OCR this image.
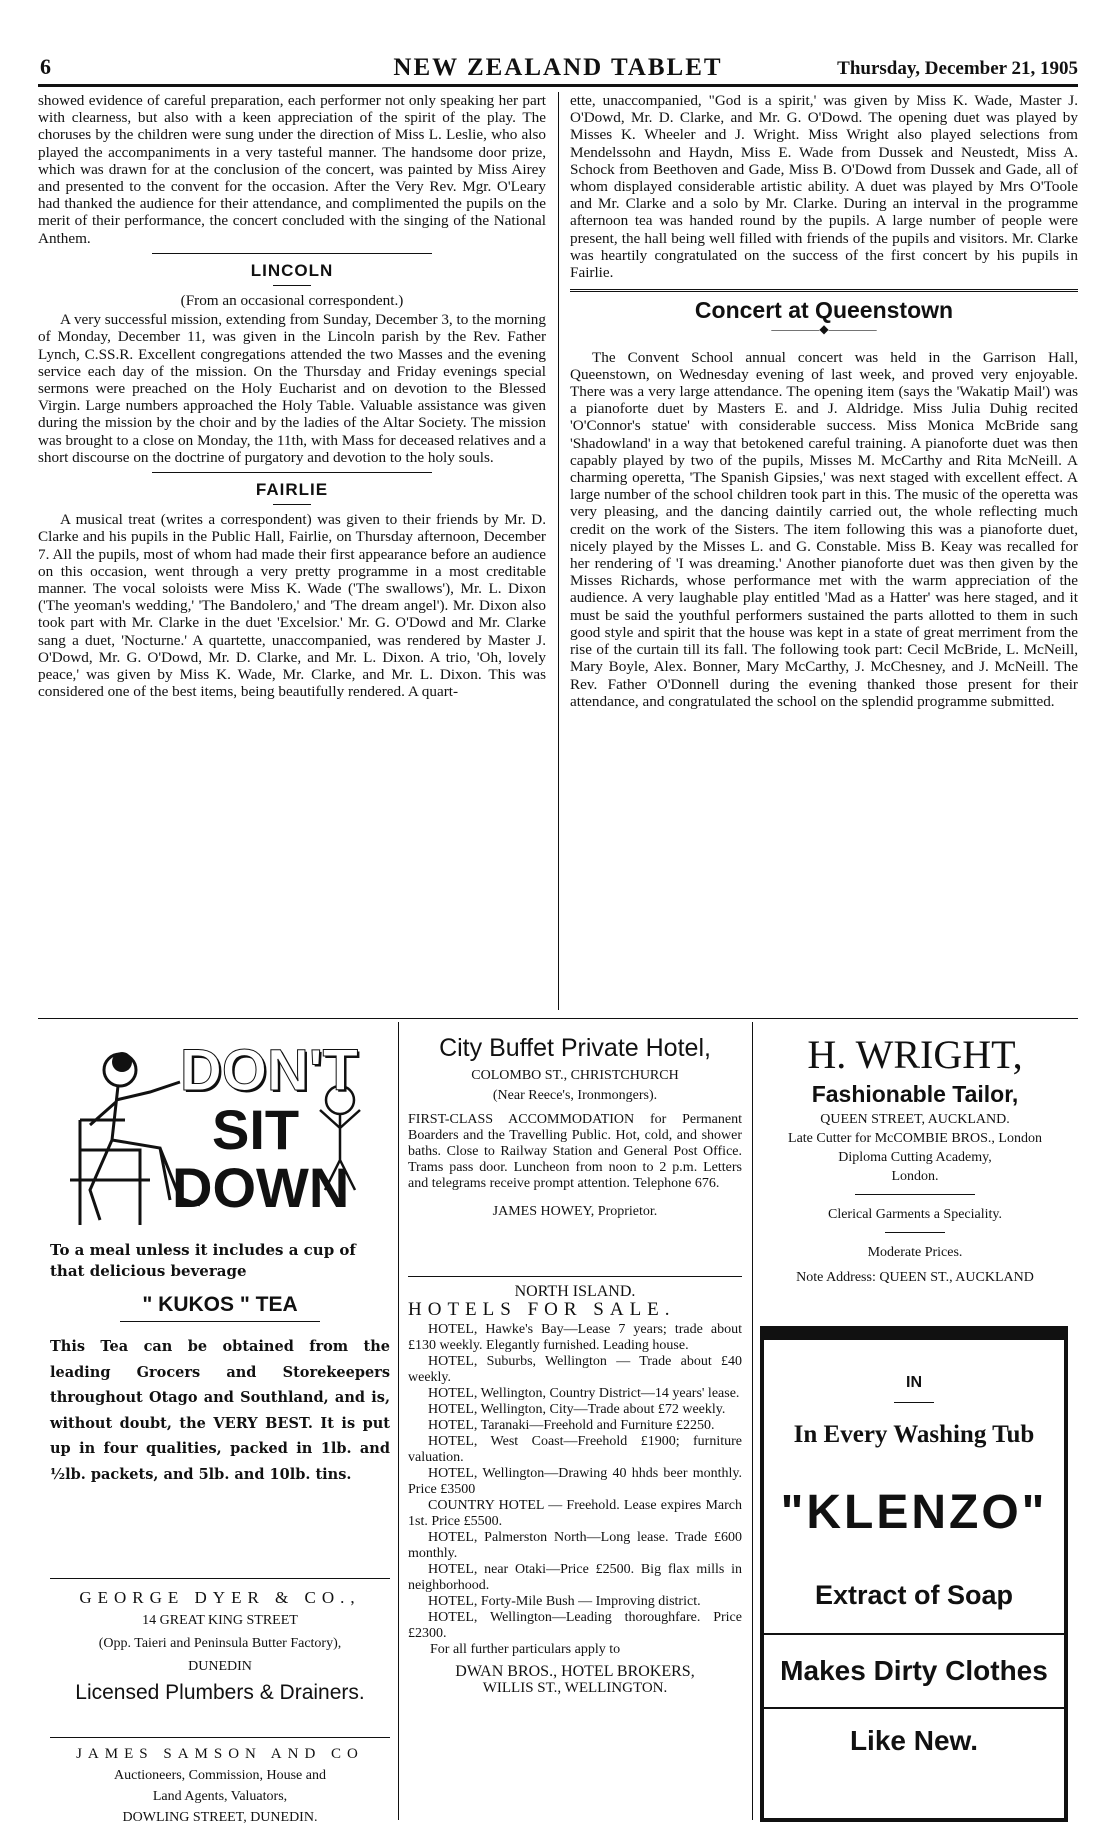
6	NEW ZEALAND TABLET	Thursday, December 21, 1905

showed evidence of careful preparation, each performer not only speaking her part with clearness, but also with a keen appreciation of the spirit of the play. The choruses by the children were sung under the direction of Miss L. Leslie, who also played the accompaniments in a very tasteful manner. The handsome door prize, which was drawn for at the conclusion of the concert, was painted by Miss Airey and presented to the convent for the occasion. After the Very Rev. Mgr. O'Leary had thanked the audience for their attendance, and complimented the pupils on the merit of their performance, the concert concluded with the singing of the National Anthem.

LINCOLN
(From an occasional correspondent.)

A very successful mission, extending from Sunday, December 3, to the morning of Monday, December 11, was given in the Lincoln parish by the Rev. Father Lynch, C.SS.R. Excellent congregations attended the two Masses and the evening service each day of the mission. On the Thursday and Friday evenings special sermons were preached on the Holy Eucharist and on devotion to the Blessed Virgin. Large numbers approached the Holy Table. Valuable assistance was given during the mission by the choir and by the ladies of the Altar Society. The mission was brought to a close on Monday, the 11th, with Mass for deceased relatives and a short discourse on the doctrine of purgatory and devotion to the holy souls.

FAIRLIE

A musical treat (writes a correspondent) was given to their friends by Mr. D. Clarke and his pupils in the Public Hall, Fairlie, on Thursday afternoon, December 7. All the pupils, most of whom had made their first appearance before an audience on this occasion, went through a very pretty programme in a most creditable manner. The vocal soloists were Miss K. Wade ('The swallows'), Mr. L. Dixon ('The yeoman's wedding,' 'The Bandolero,' and 'The dream angel'). Mr. Dixon also took part with Mr. Clarke in the duet 'Excelsior.' Mr. G. O'Dowd and Mr. Clarke sang a duet, 'Nocturne.' A quartette, unaccompanied, was rendered by Master J. O'Dowd, Mr. G. O'Dowd, Mr. D. Clarke, and Mr. L. Dixon. A trio, 'Oh, lovely peace,' was given by Miss K. Wade, Mr. Clarke, and Mr. L. Dixon. This was considered one of the best items, being beautifully rendered. A quart-

ette, unaccompanied, "God is a spirit,' was given by Miss K. Wade, Master J. O'Dowd, Mr. D. Clarke, and Mr. G. O'Dowd. The opening duet was played by Misses K. Wheeler and J. Wright. Miss Wright also played selections from Mendelssohn and Haydn, Miss E. Wade from Dussek and Neustedt, Miss A. Schock from Beethoven and Gade, Miss B. O'Dowd from Dussek and Gade, all of whom displayed considerable artistic ability. A duet was played by Mrs O'Toole and Mr. Clarke and a solo by Mr. Clarke. During an interval in the programme afternoon tea was handed round by the pupils. A large number of people were present, the hall being well filled with friends of the pupils and visitors. Mr. Clarke was heartily congratulated on the success of the first concert by his pupils in Fairlie.

Concert at Queenstown
————◆————

The Convent School annual concert was held in the Garrison Hall, Queenstown, on Wednesday evening of last week, and proved very enjoyable. There was a very large attendance. The opening item (says the 'Wakatip Mail') was a pianoforte duet by Masters E. and J. Aldridge. Miss Julia Duhig recited 'O'Connor's statue' with considerable success. Miss Monica McBride sang 'Shadowland' in a way that betokened careful training. A pianoforte duet was then capably played by two of the pupils, Misses M. McCarthy and Rita McNeill. A charming operetta, 'The Spanish Gipsies,' was next staged with excellent effect. A large number of the school children took part in this. The music of the operetta was very pleasing, and the dancing daintily carried out, the whole reflecting much credit on the work of the Sisters. The item following this was a pianoforte duet, nicely played by the Misses L. and G. Constable. Miss B. Keay was recalled for her rendering of 'I was dreaming.' Another pianoforte duet was then given by the Misses Richards, whose performance met with the warm appreciation of the audience. A very laughable play entitled 'Mad as a Hatter' was here staged, and it must be said the youthful performers sustained the parts allotted to them in such good style and spirit that the house was kept in a state of great merriment from the rise of the curtain till its fall. The following took part: Cecil McBride, L. McNeill, Mary Boyle, Alex. Bonner, Mary McCarthy, J. McChesney, and J. McNeill. The Rev. Father O'Donnell during the evening thanked those present for their attendance, and congratulated the school on the splendid programme submitted.

DON'T
SIT
DOWN
To a meal unless it includes a cup of that delicious beverage
" KUKOS " TEA
This Tea can be obtained from the leading Grocers and Storekeepers throughout Otago and Southland, and is, without doubt, the VERY BEST. It is put up in four qualities, packed in 1lb. and ½lb. packets, and 5lb. and 10lb. tins.
GEORGE DYER & CO.,
14 GREAT KING STREET
(Opp. Taieri and Peninsula Butter Factory),
DUNEDIN
Licensed Plumbers & Drainers.
JAMES SAMSON AND CO
Auctioneers, Commission, House and
Land Agents, Valuators,
DOWLING STREET, DUNEDIN.
City Buffet Private Hotel,
COLOMBO ST., CHRISTCHURCH
(Near Reece's, Ironmongers).
FIRST-CLASS ACCOMMODATION for Permanent Boarders and the Travelling Public. Hot, cold, and shower baths. Close to Railway Station and General Post Office. Trams pass door. Luncheon from noon to 2 p.m. Letters and telegrams receive prompt attention. Telephone 676.
JAMES HOWEY, Proprietor.
NORTH ISLAND.
HOTELS FOR SALE.
HOTEL, Hawke's Bay—Lease 7 years; trade about £130 weekly. Elegantly furnished. Leading house.
HOTEL, Suburbs, Wellington — Trade about £40 weekly.
HOTEL, Wellington, Country District—14 years' lease.
HOTEL, Wellington, City—Trade about £72 weekly.
HOTEL, Taranaki—Freehold and Furniture £2250.
HOTEL, West Coast—Freehold £1900; furniture valuation.
HOTEL, Wellington—Drawing 40 hhds beer monthly. Price £3500
COUNTRY HOTEL — Freehold. Lease expires March 1st. Price £5500.
HOTEL, Palmerston North—Long lease. Trade £600 monthly.
HOTEL, near Otaki—Price £2500. Big flax mills in neighborhood.
HOTEL, Forty-Mile Bush — Improving district.
HOTEL, Wellington—Leading thoroughfare. Price £2300.
For all further particulars apply to
DWAN BROS., HOTEL BROKERS,
WILLIS ST., WELLINGTON.
H. WRIGHT,
Fashionable Tailor,
QUEEN STREET, AUCKLAND.
Late Cutter for McCOMBIE BROS., London
Diploma Cutting Academy,
London.
Clerical Garments a Speciality.
Moderate Prices.
Note Address: QUEEN ST., AUCKLAND
IN
In Every Washing Tub
"KLENZO"
Extract of Soap
Makes Dirty Clothes
Like New.
